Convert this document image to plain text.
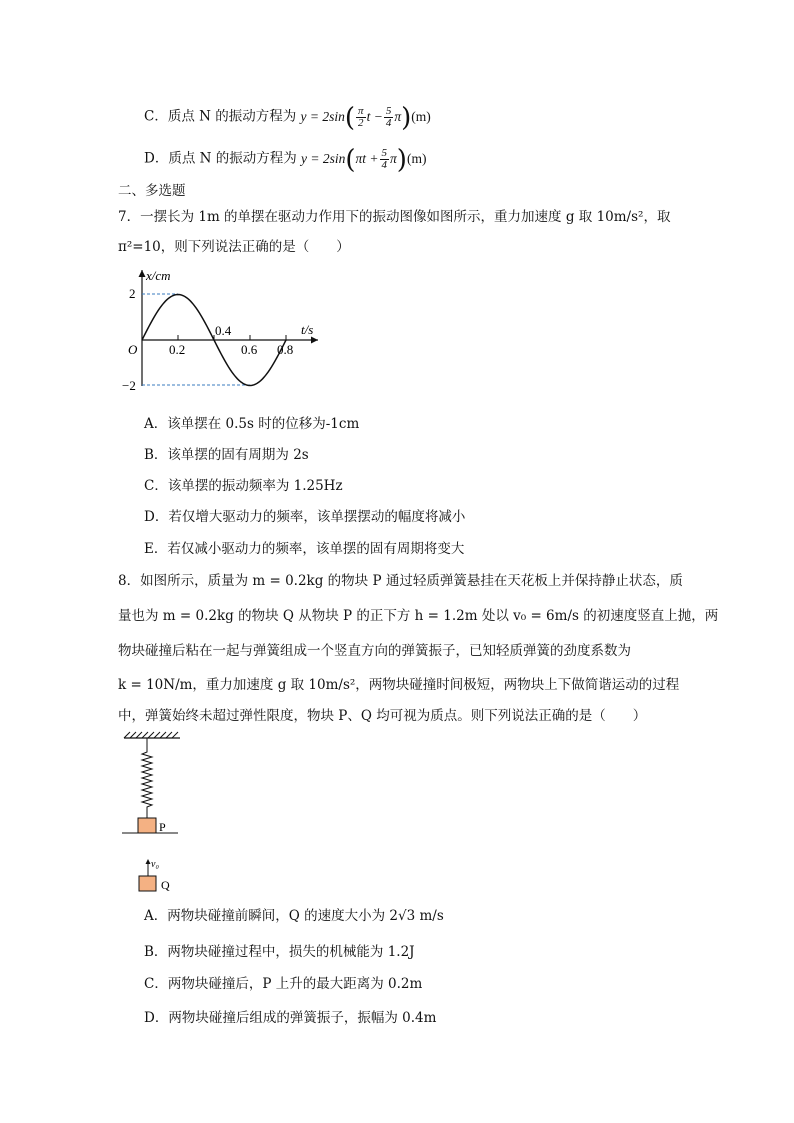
C．质点 N 的振动方程为 $y = 2\sin( \frac{\pi}{2}$ $t - \frac{5}{4} \pi)(m)$
D．质点 N 的振动方程为 $y = 2\sin(\pi t + \frac{5}{4} \pi)(m)$
二、多选题
7．一摆长为 1m 的单摆在驱动力作用下的振动图像如图所示，重力加速度 g 取 10m/s²，取
π²=10，则下列说法正确的是（　　）
x/cm
t/s
O
2
−2
0.2
0.4
0.6 0.8
A．该单摆在 0.5s 时的位移为-1cm
B．该单摆的固有周期为 2s
C．该单摆的振动频率为 1.25Hz
D．若仅增大驱动力的频率，该单摆摆动的幅度将减小
E．若仅减小驱动力的频率，该单摆的固有周期将变大
8．如图所示，质量为 m = 0.2kg 的物块 P 通过轻质弹簧悬挂在天花板上并保持静止状态，质
量也为 m = 0.2kg 的物块 Q 从物块 P 的正下方 h = 1.2m 处以 v₀ = 6m/s 的初速度竖直上抛，两
物块碰撞后粘在一起与弹簧组成一个竖直方向的弹簧振子，已知轻质弹簧的劲度系数为
k = 10N/m，重力加速度 g 取 10m/s²，两物块碰撞时间极短，两物块上下做简谐运动的过程
中，弹簧始终未超过弹性限度，物块 P、Q 均可视为质点。则下列说法正确的是（　　）
P
v₀
Q
A．两物块碰撞前瞬间，Q 的速度大小为 2√3 m/s
B．两物块碰撞过程中，损失的机械能为 1.2J
C．两物块碰撞后，P 上升的最大距离为 0.2m
D．两物块碰撞后组成的弹簧振子，振幅为 0.4m
